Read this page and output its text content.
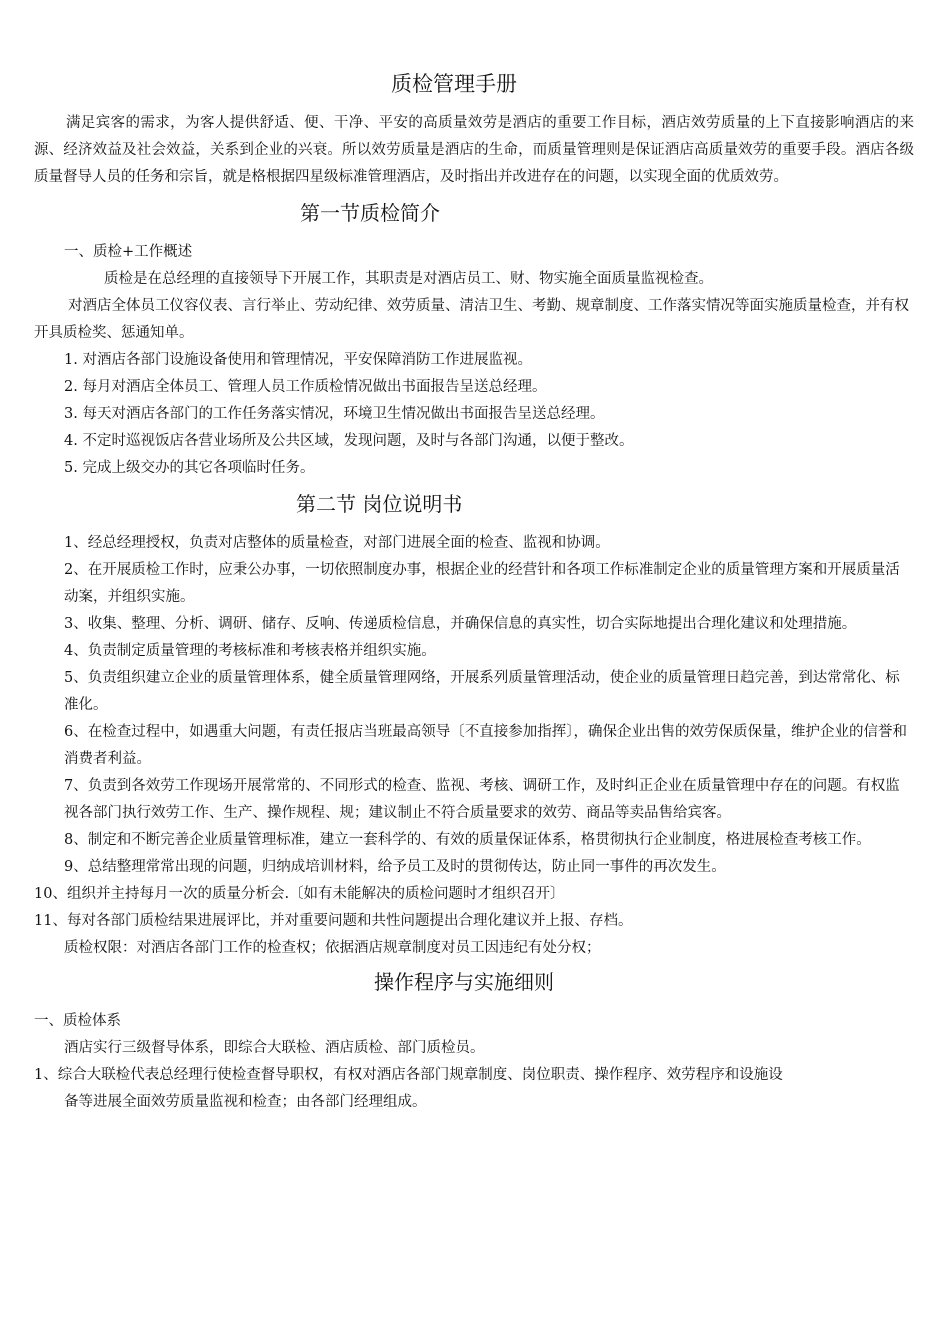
质检管理手册

满足宾客的需求，为客人提供舒适、便、干净、平安的高质量效劳是酒店的重要工作目标，酒店效劳质量的上下直接影响酒店的来源、经济效益及社会效益，关系到企业的兴衰。所以效劳质量是酒店的生命，而质量管理则是保证酒店高质量效劳的重要手段。酒店各级质量督导人员的任务和宗旨，就是格根据四星级标准管理酒店，及时指出并改进存在的问题，以实现全面的优质效劳。

第一节质检简介

一、质检+工作概述

质检是在总经理的直接领导下开展工作，其职责是对酒店员工、财、物实施全面质量监视检查。

对酒店全体员工仪容仪表、言行举止、劳动纪律、效劳质量、清洁卫生、考勤、规章制度、工作落实情况等面实施质量检查，并有权开具质检奖、惩通知单。

1. 对酒店各部门设施设备使用和管理情况，平安保障消防工作进展监视。

2. 每月对酒店全体员工、管理人员工作质检情况做出书面报告呈送总经理。

3. 每天对酒店各部门的工作任务落实情况，环境卫生情况做出书面报告呈送总经理。

4. 不定时巡视饭店各营业场所及公共区域，发现问题，及时与各部门沟通，以便于整改。

5. 完成上级交办的其它各项临时任务。

第二节 岗位说明书

1、经总经理授权，负责对店整体的质量检查，对部门进展全面的检查、监视和协调。

2、在开展质检工作时，应秉公办事，一切依照制度办事，根据企业的经营针和各项工作标准制定企业的质量管理方案和开展质量活动案，并组织实施。

3、收集、整理、分析、调研、储存、反响、传递质检信息，并确保信息的真实性，切合实际地提出合理化建议和处理措施。

4、负责制定质量管理的考核标准和考核表格并组织实施。

5、负责组织建立企业的质量管理体系，健全质量管理网络，开展系列质量管理活动，使企业的质量管理日趋完善，到达常常化、标准化。

6、在检查过程中，如遇重大问题，有责任报店当班最高领导〔不直接参加指挥〕，确保企业出售的效劳保质保量，维护企业的信誉和消费者利益。

7、负责到各效劳工作现场开展常常的、不同形式的检查、监视、考核、调研工作，及时纠正企业在质量管理中存在的问题。有权监视各部门执行效劳工作、生产、操作规程、规；建议制止不符合质量要求的效劳、商品等卖品售给宾客。

8、制定和不断完善企业质量管理标准，建立一套科学的、有效的质量保证体系，格贯彻执行企业制度，格进展检查考核工作。

9、总结整理常常出现的问题，归纳成培训材料，给予员工及时的贯彻传达，防止同一事件的再次发生。

10、组织并主持每月一次的质量分析会.〔如有未能解决的质检问题时才组织召开〕

11、每对各部门质检结果进展评比，并对重要问题和共性问题提出合理化建议并上报、存档。

质检权限：对酒店各部门工作的检查权；依据酒店规章制度对员工因违纪有处分权；

操作程序与实施细则

一、质检体系

酒店实行三级督导体系，即综合大联检、酒店质检、部门质检员。

1、综合大联检代表总经理行使检查督导职权，有权对酒店各部门规章制度、岗位职责、操作程序、效劳程序和设施设

备等进展全面效劳质量监视和检查；由各部门经理组成。
